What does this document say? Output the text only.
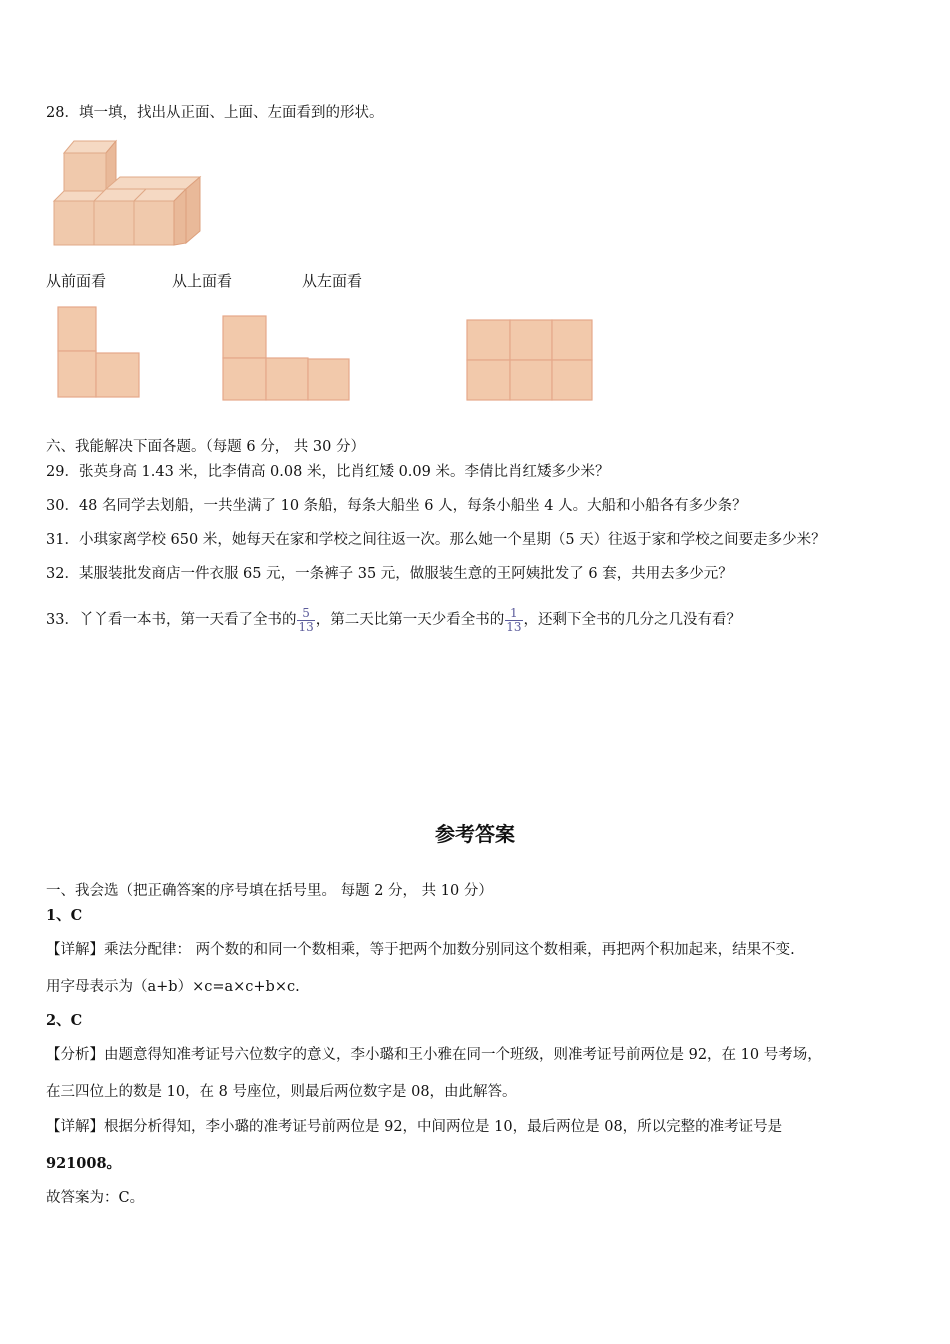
28．填一填，找出从正面、上面、左面看到的形状。
从前面看	从上面看	从左面看
六、我能解决下面各题。（每题 6 分， 共 30 分）
29．张英身高 1.43 米，比李倩高 0.08 米，比肖红矮 0.09 米。李倩比肖红矮多少米？
30．48 名同学去划船，一共坐满了 10 条船，每条大船坐 6 人，每条小船坐 4 人。大船和小船各有多少条？
31．小琪家离学校 650 米，她每天在家和学校之间往返一次。那么她一个星期（5 天）往返于家和学校之间要走多少米？
32．某服装批发商店一件衣服 65 元，一条裤子 35 元，做服装生意的王阿姨批发了 6 套，共用去多少元？
33．丫丫看一本书，第一天看了全书的 $\frac{5}{13}$ ，第二天比第一天少看全书的 $\frac{1}{13}$ ，还剩下全书的几分之几没有看？
参考答案
一、我会选（把正确答案的序号填在括号里。 每题 2 分， 共 10 分）
1、C
【详解】乘法分配律： 两个数的和同一个数相乘，等于把两个加数分别同这个数相乘，再把两个积加起来，结果不变.
用字母表示为（a+b）×c=a×c+b×c.
2、C
【分析】由题意得知准考证号六位数字的意义，李小璐和王小雅在同一个班级，则准考证号前两位是 92，在 10 号考场，
在三四位上的数是 10，在 8 号座位，则最后两位数字是 08，由此解答。
【详解】根据分析得知，李小璐的准考证号前两位是 92，中间两位是 10，最后两位是 08，所以完整的准考证号是
921008。
故答案为：C。
